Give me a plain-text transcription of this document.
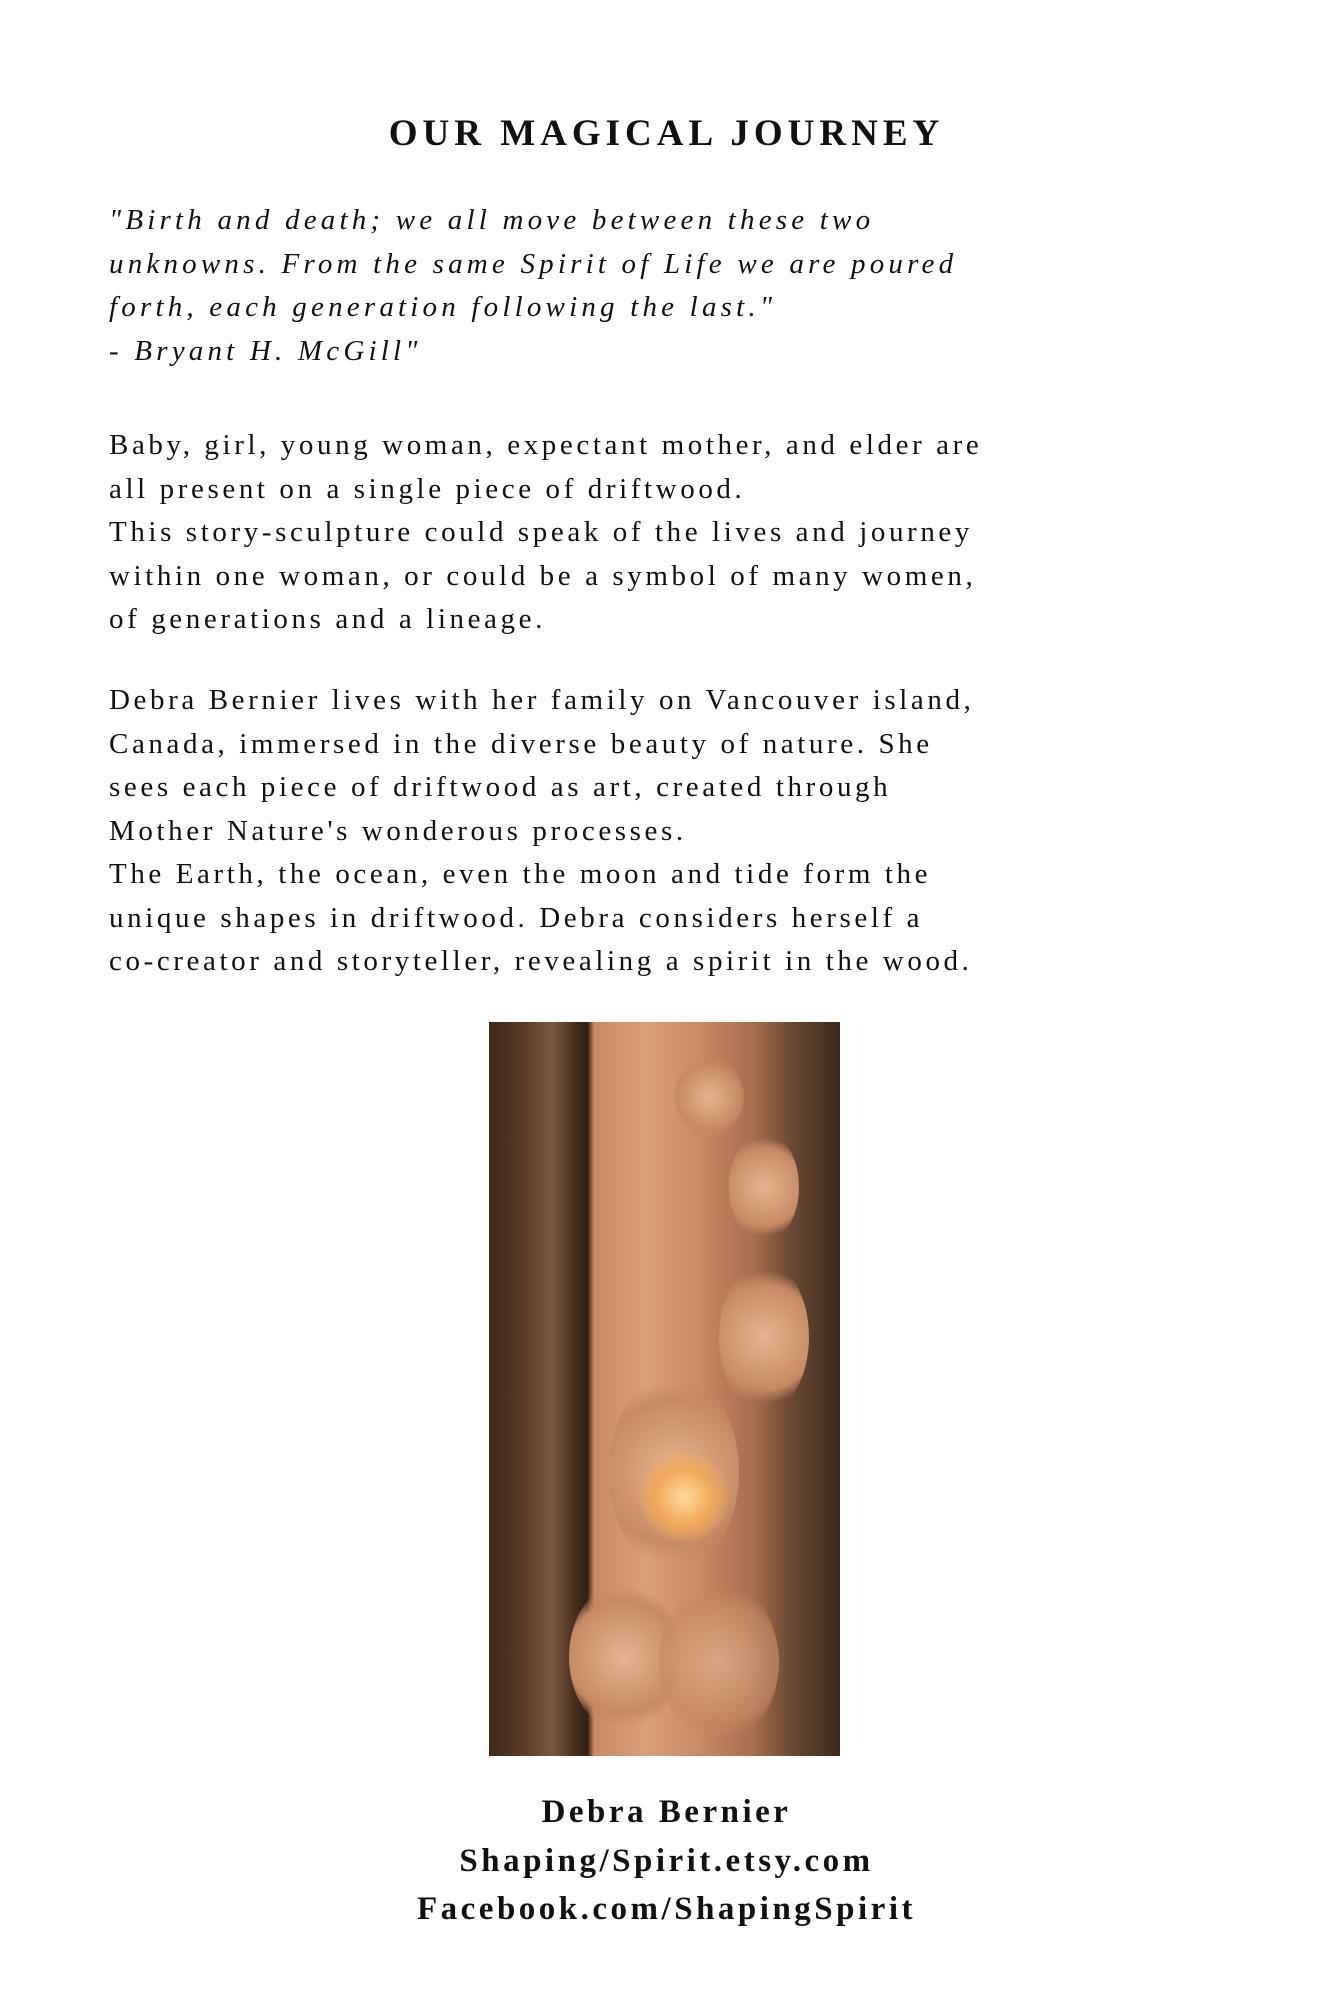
OUR MAGICAL JOURNEY
"Birth and death; we all move between these two
unknowns. From the same Spirit of Life we are poured
forth, each generation following the last."
- Bryant H. McGill"
Baby, girl, young woman, expectant mother, and elder are
all present on a single piece of driftwood.
This story-sculpture could speak of the lives and journey
within one woman, or could be a symbol of many women,
of generations and a lineage.
Debra Bernier lives with her family on Vancouver island,
Canada, immersed in the diverse beauty of nature. She
sees each piece of driftwood as art, created through
Mother Nature's wonderous processes.
The Earth, the ocean, even the moon and tide form the
unique shapes in driftwood. Debra considers herself a
co-creator and storyteller, revealing a spirit in the wood.
Debra Bernier
Shaping/Spirit.etsy.com
Facebook.com/ShapingSpirit
